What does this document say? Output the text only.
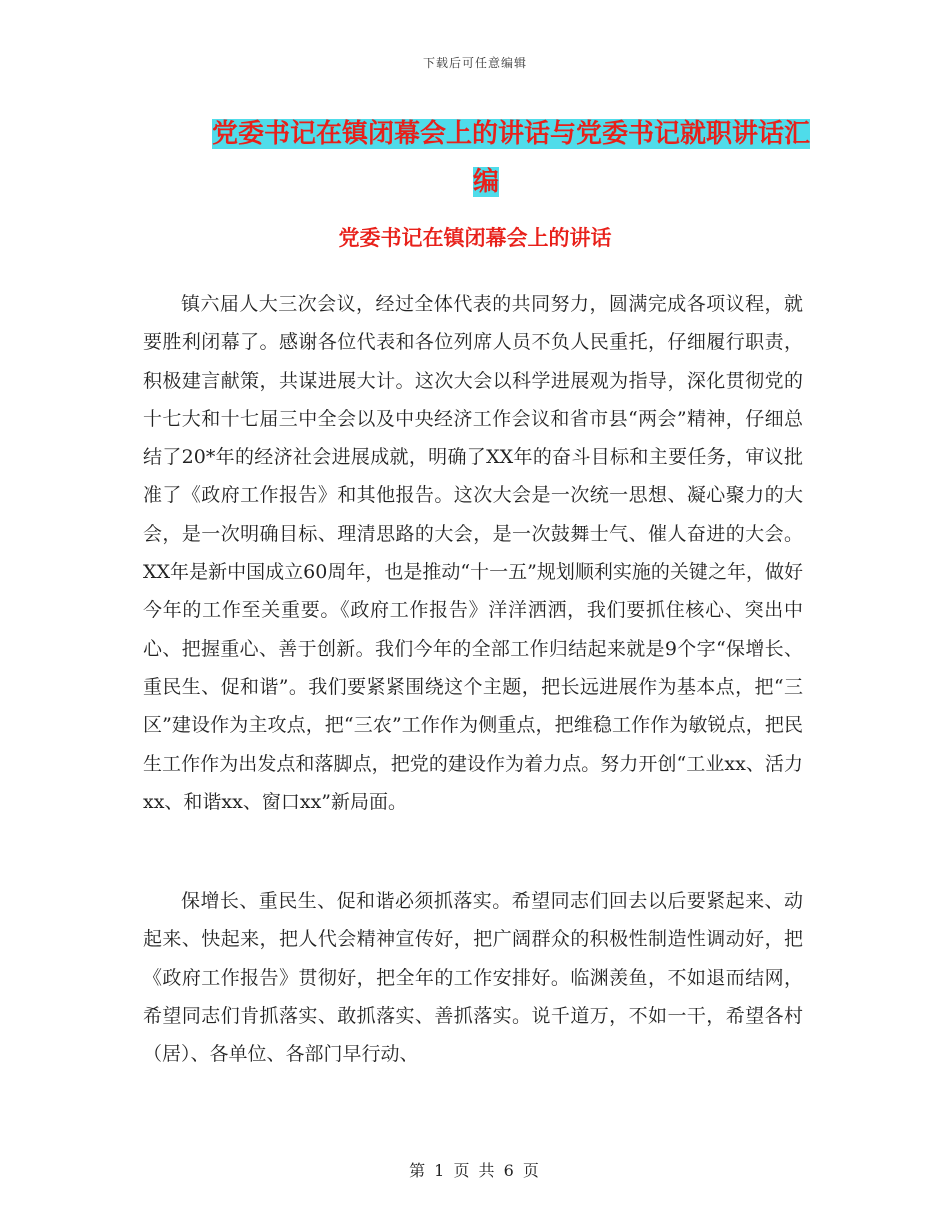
下载后可任意编辑
党委书记在镇闭幕会上的讲话与党委书记就职讲话汇
编
党委书记在镇闭幕会上的讲话

镇六届人大三次会议，经过全体代表的共同努力，圆满完成各项议程，就要胜利闭幕了。感谢各位代表和各位列席人员不负人民重托，仔细履行职责，积极建言献策，共谋进展大计。这次大会以科学进展观为指导，深化贯彻党的十七大和十七届三中全会以及中央经济工作会议和省市县“两会”精神，仔细总结了20*年的经济社会进展成就，明确了XX年的奋斗目标和主要任务，审议批准了《政府工作报告》和其他报告。这次大会是一次统一思想、凝心聚力的大会，是一次明确目标、理清思路的大会，是一次鼓舞士气、催人奋进的大会。XX年是新中国成立60周年，也是推动“十一五”规划顺利实施的关键之年，做好今年的工作至关重要。《政府工作报告》洋洋洒洒，我们要抓住核心、突出中心、把握重心、善于创新。我们今年的全部工作归结起来就是9个字“保增长、重民生、促和谐”。我们要紧紧围绕这个主题，把长远进展作为基本点，把“三区”建设作为主攻点，把“三农”工作作为侧重点，把维稳工作作为敏锐点，把民生工作作为出发点和落脚点，把党的建设作为着力点。努力开创“工业xx、活力xx、和谐xx、窗口xx”新局面。

保增长、重民生、促和谐必须抓落实。希望同志们回去以后要紧起来、动起来、快起来，把人代会精神宣传好，把广阔群众的积极性制造性调动好，把《政府工作报告》贯彻好，把全年的工作安排好。临渊羡鱼，不如退而结网，希望同志们肯抓落实、敢抓落实、善抓落实。说千道万，不如一干，希望各村（居）、各单位、各部门早行动、

第 1 页 共 6 页
